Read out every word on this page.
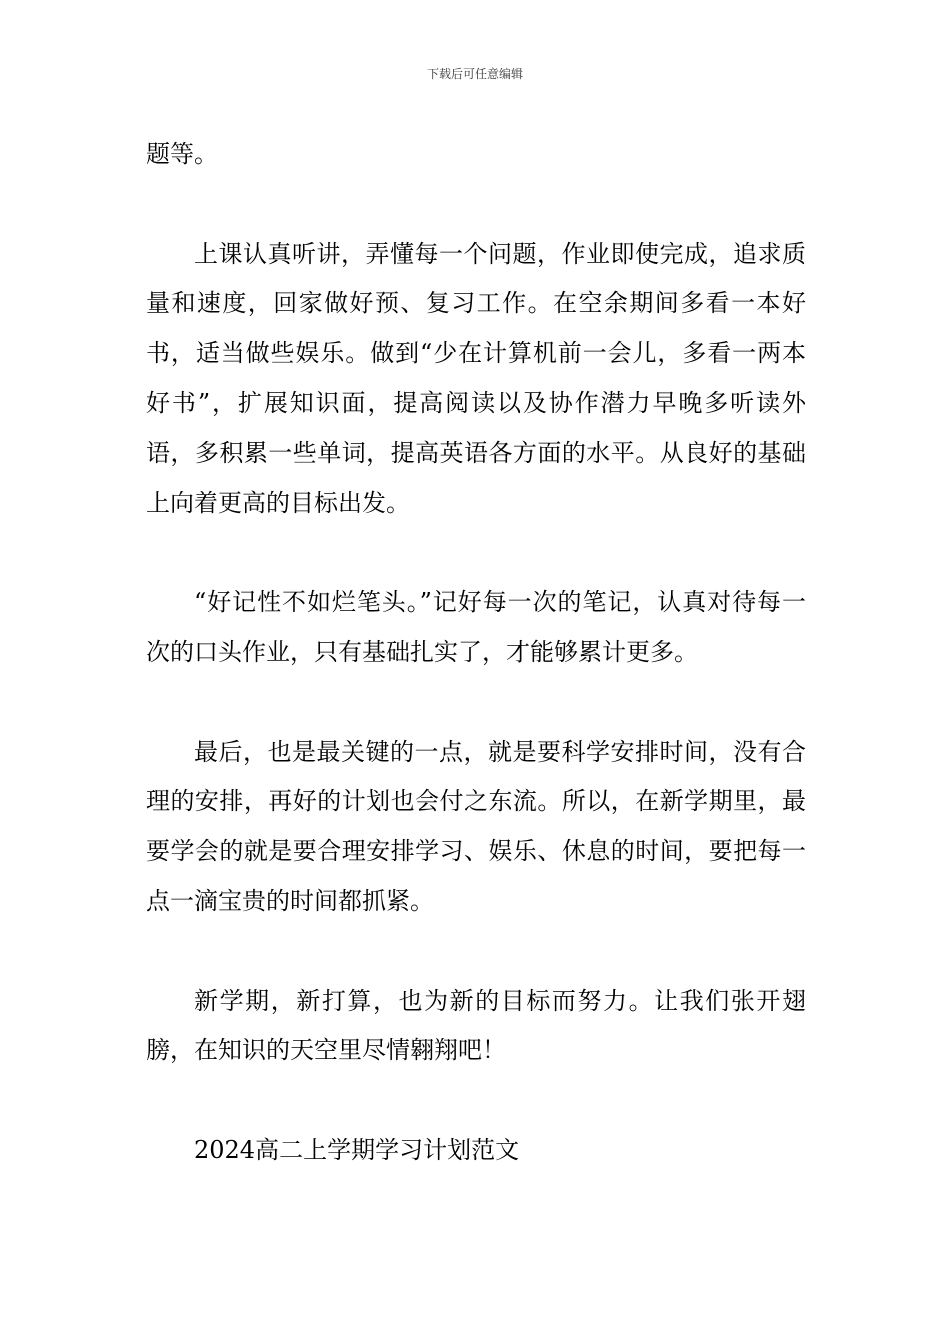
下载后可任意编辑

题等。

上课认真听讲，弄懂每一个问题，作业即使完成，追求质量和速度，回家做好预、复习工作。在空余期间多看一本好书，适当做些娱乐。做到“少在计算机前一会儿，多看一两本好书”，扩展知识面，提高阅读以及协作潜力早晚多听读外语，多积累一些单词，提高英语各方面的水平。从良好的基础上向着更高的目标出发。

“好记性不如烂笔头。”记好每一次的笔记，认真对待每一次的口头作业，只有基础扎实了，才能够累计更多。

最后，也是最关键的一点，就是要科学安排时间，没有合理的安排，再好的计划也会付之东流。所以，在新学期里，最要学会的就是要合理安排学习、娱乐、休息的时间，要把每一点一滴宝贵的时间都抓紧。

新学期，新打算，也为新的目标而努力。让我们张开翅膀，在知识的天空里尽情翱翔吧！

2024高二上学期学习计划范文
